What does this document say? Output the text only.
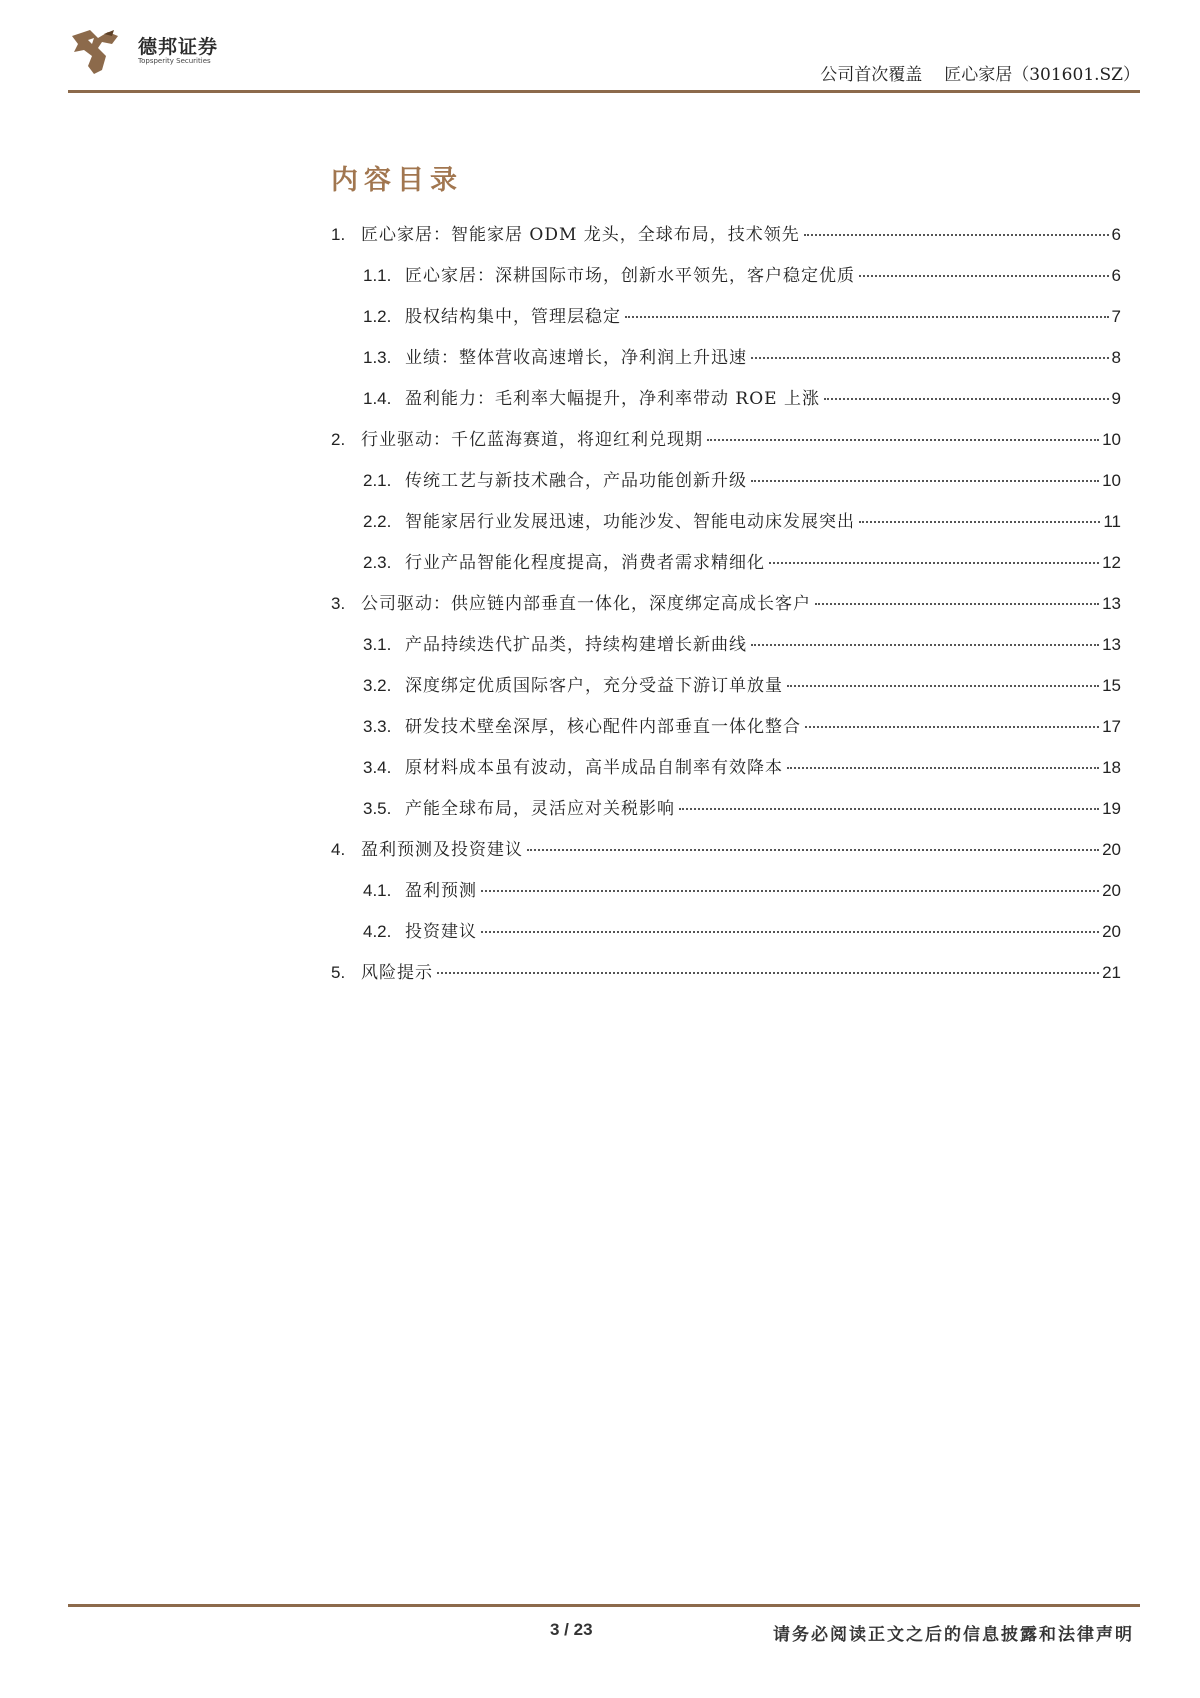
德邦证券
Topsperity Securities
公司首次覆盖 匠心家居（301601.SZ）
内容目录
1. 匠心家居：智能家居 ODM 龙头，全球布局，技术领先	6
1.1. 匠心家居：深耕国际市场，创新水平领先，客户稳定优质	6
1.2. 股权结构集中，管理层稳定	7
1.3. 业绩：整体营收高速增长，净利润上升迅速	8
1.4. 盈利能力：毛利率大幅提升，净利率带动 ROE 上涨	9
2. 行业驱动：千亿蓝海赛道，将迎红利兑现期	10
2.1. 传统工艺与新技术融合，产品功能创新升级	10
2.2. 智能家居行业发展迅速，功能沙发、智能电动床发展突出	11
2.3. 行业产品智能化程度提高，消费者需求精细化	12
3. 公司驱动：供应链内部垂直一体化，深度绑定高成长客户	13
3.1. 产品持续迭代扩品类，持续构建增长新曲线	13
3.2. 深度绑定优质国际客户，充分受益下游订单放量	15
3.3. 研发技术壁垒深厚，核心配件内部垂直一体化整合	17
3.4. 原材料成本虽有波动，高半成品自制率有效降本	18
3.5. 产能全球布局，灵活应对关税影响	19
4. 盈利预测及投资建议	20
4.1. 盈利预测	20
4.2. 投资建议	20
5. 风险提示	21
3 / 23	请务必阅读正文之后的信息披露和法律声明
